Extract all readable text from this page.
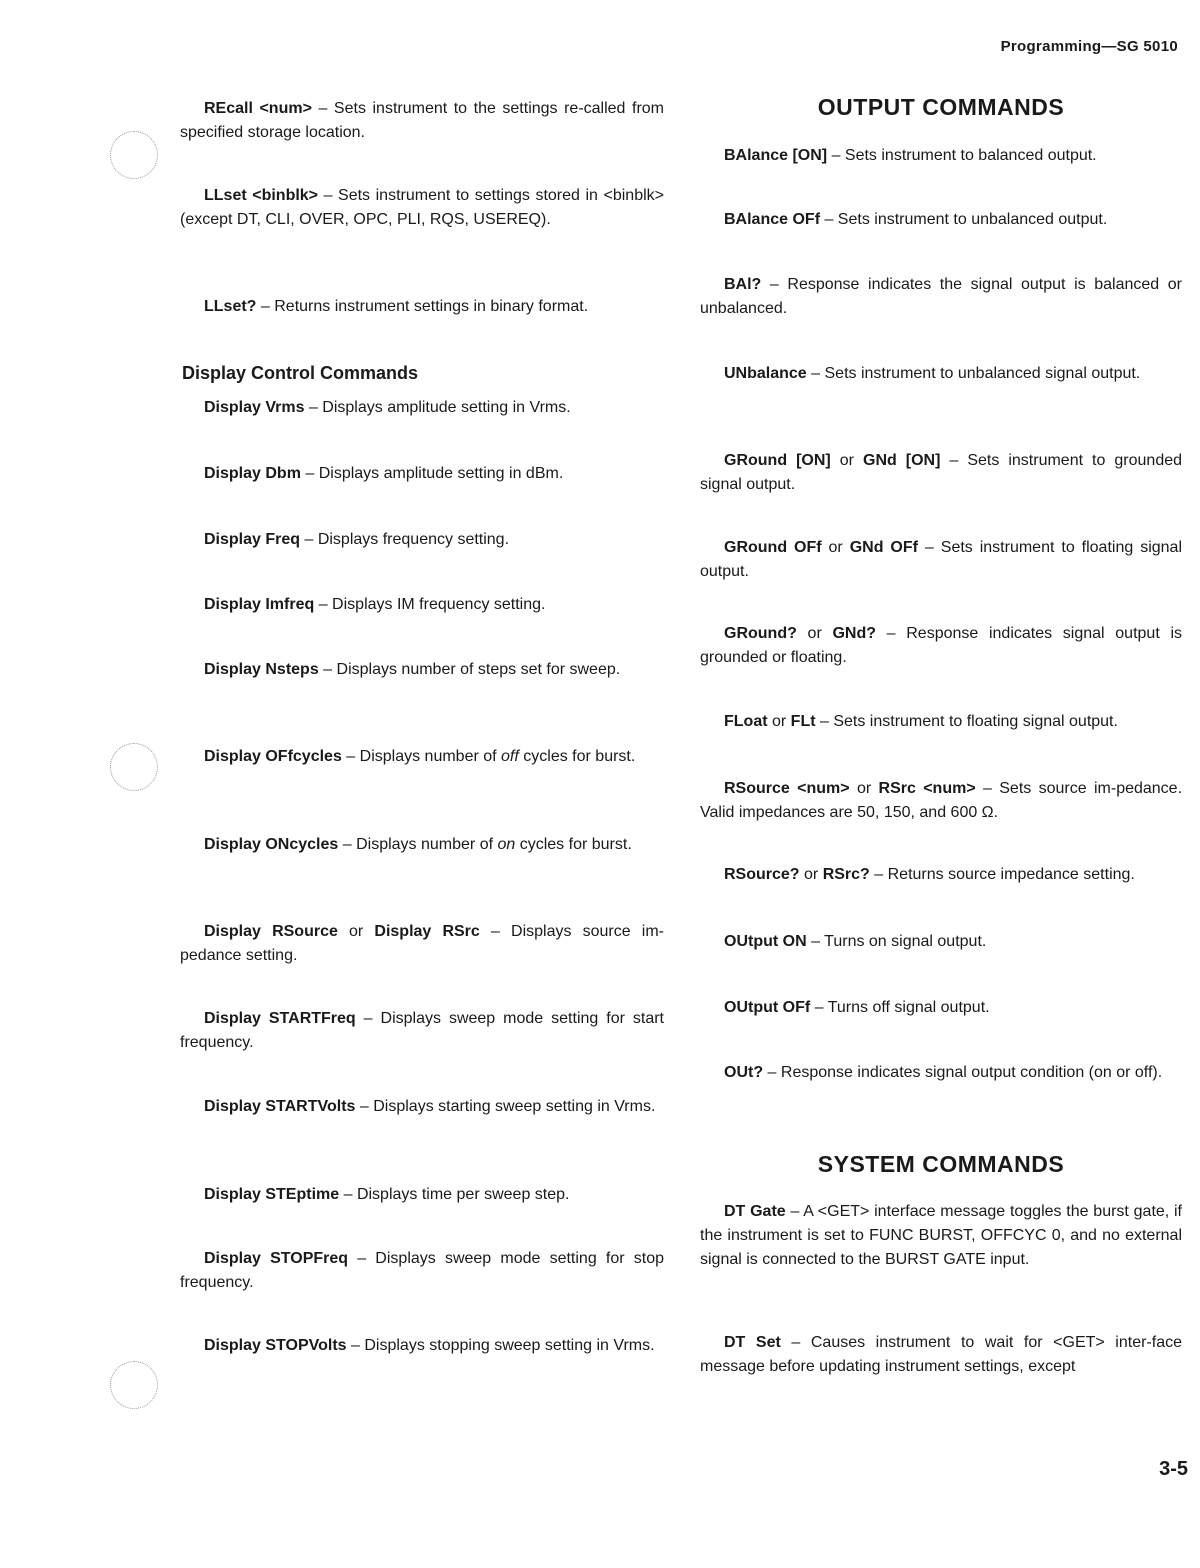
Programming—SG 5010

REcall <num> – Sets instrument to the settings re-called from specified storage location.

LLset <binblk> – Sets instrument to settings stored in <binblk> (except DT, CLI, OVER, OPC, PLI, RQS, USEREQ).

LLset? – Returns instrument settings in binary format.

Display Control Commands

Display Vrms – Displays amplitude setting in Vrms.

Display Dbm – Displays amplitude setting in dBm.

Display Freq – Displays frequency setting.

Display Imfreq – Displays IM frequency setting.

Display Nsteps – Displays number of steps set for sweep.

Display OFfcycles – Displays number of off cycles for burst.

Display ONcycles – Displays number of on cycles for burst.

Display RSource or Display RSrc – Displays source im-pedance setting.

Display STARTFreq – Displays sweep mode setting for start frequency.

Display STARTVolts – Displays starting sweep setting in Vrms.

Display STEptime – Displays time per sweep step.

Display STOPFreq – Displays sweep mode setting for stop frequency.

Display STOPVolts – Displays stopping sweep setting in Vrms.

OUTPUT COMMANDS

BAlance [ON] – Sets instrument to balanced output.

BAlance OFf – Sets instrument to unbalanced output.

BAl? – Response indicates the signal output is balanced or unbalanced.

UNbalance – Sets instrument to unbalanced signal output.

GRound [ON] or GNd [ON] – Sets instrument to grounded signal output.

GRound OFf or GNd OFf – Sets instrument to floating signal output.

GRound? or GNd? – Response indicates signal output is grounded or floating.

FLoat or FLt – Sets instrument to floating signal output.

RSource <num> or RSrc <num> – Sets source im-pedance. Valid impedances are 50, 150, and 600 Ω.

RSource? or RSrc? – Returns source impedance setting.

OUtput ON – Turns on signal output.

OUtput OFf – Turns off signal output.

OUt? – Response indicates signal output condition (on or off).

SYSTEM COMMANDS

DT Gate – A <GET> interface message toggles the burst gate, if the instrument is set to FUNC BURST, OFFCYC 0, and no external signal is connected to the BURST GATE input.

DT Set – Causes instrument to wait for <GET> inter-face message before updating instrument settings, except

3-5
